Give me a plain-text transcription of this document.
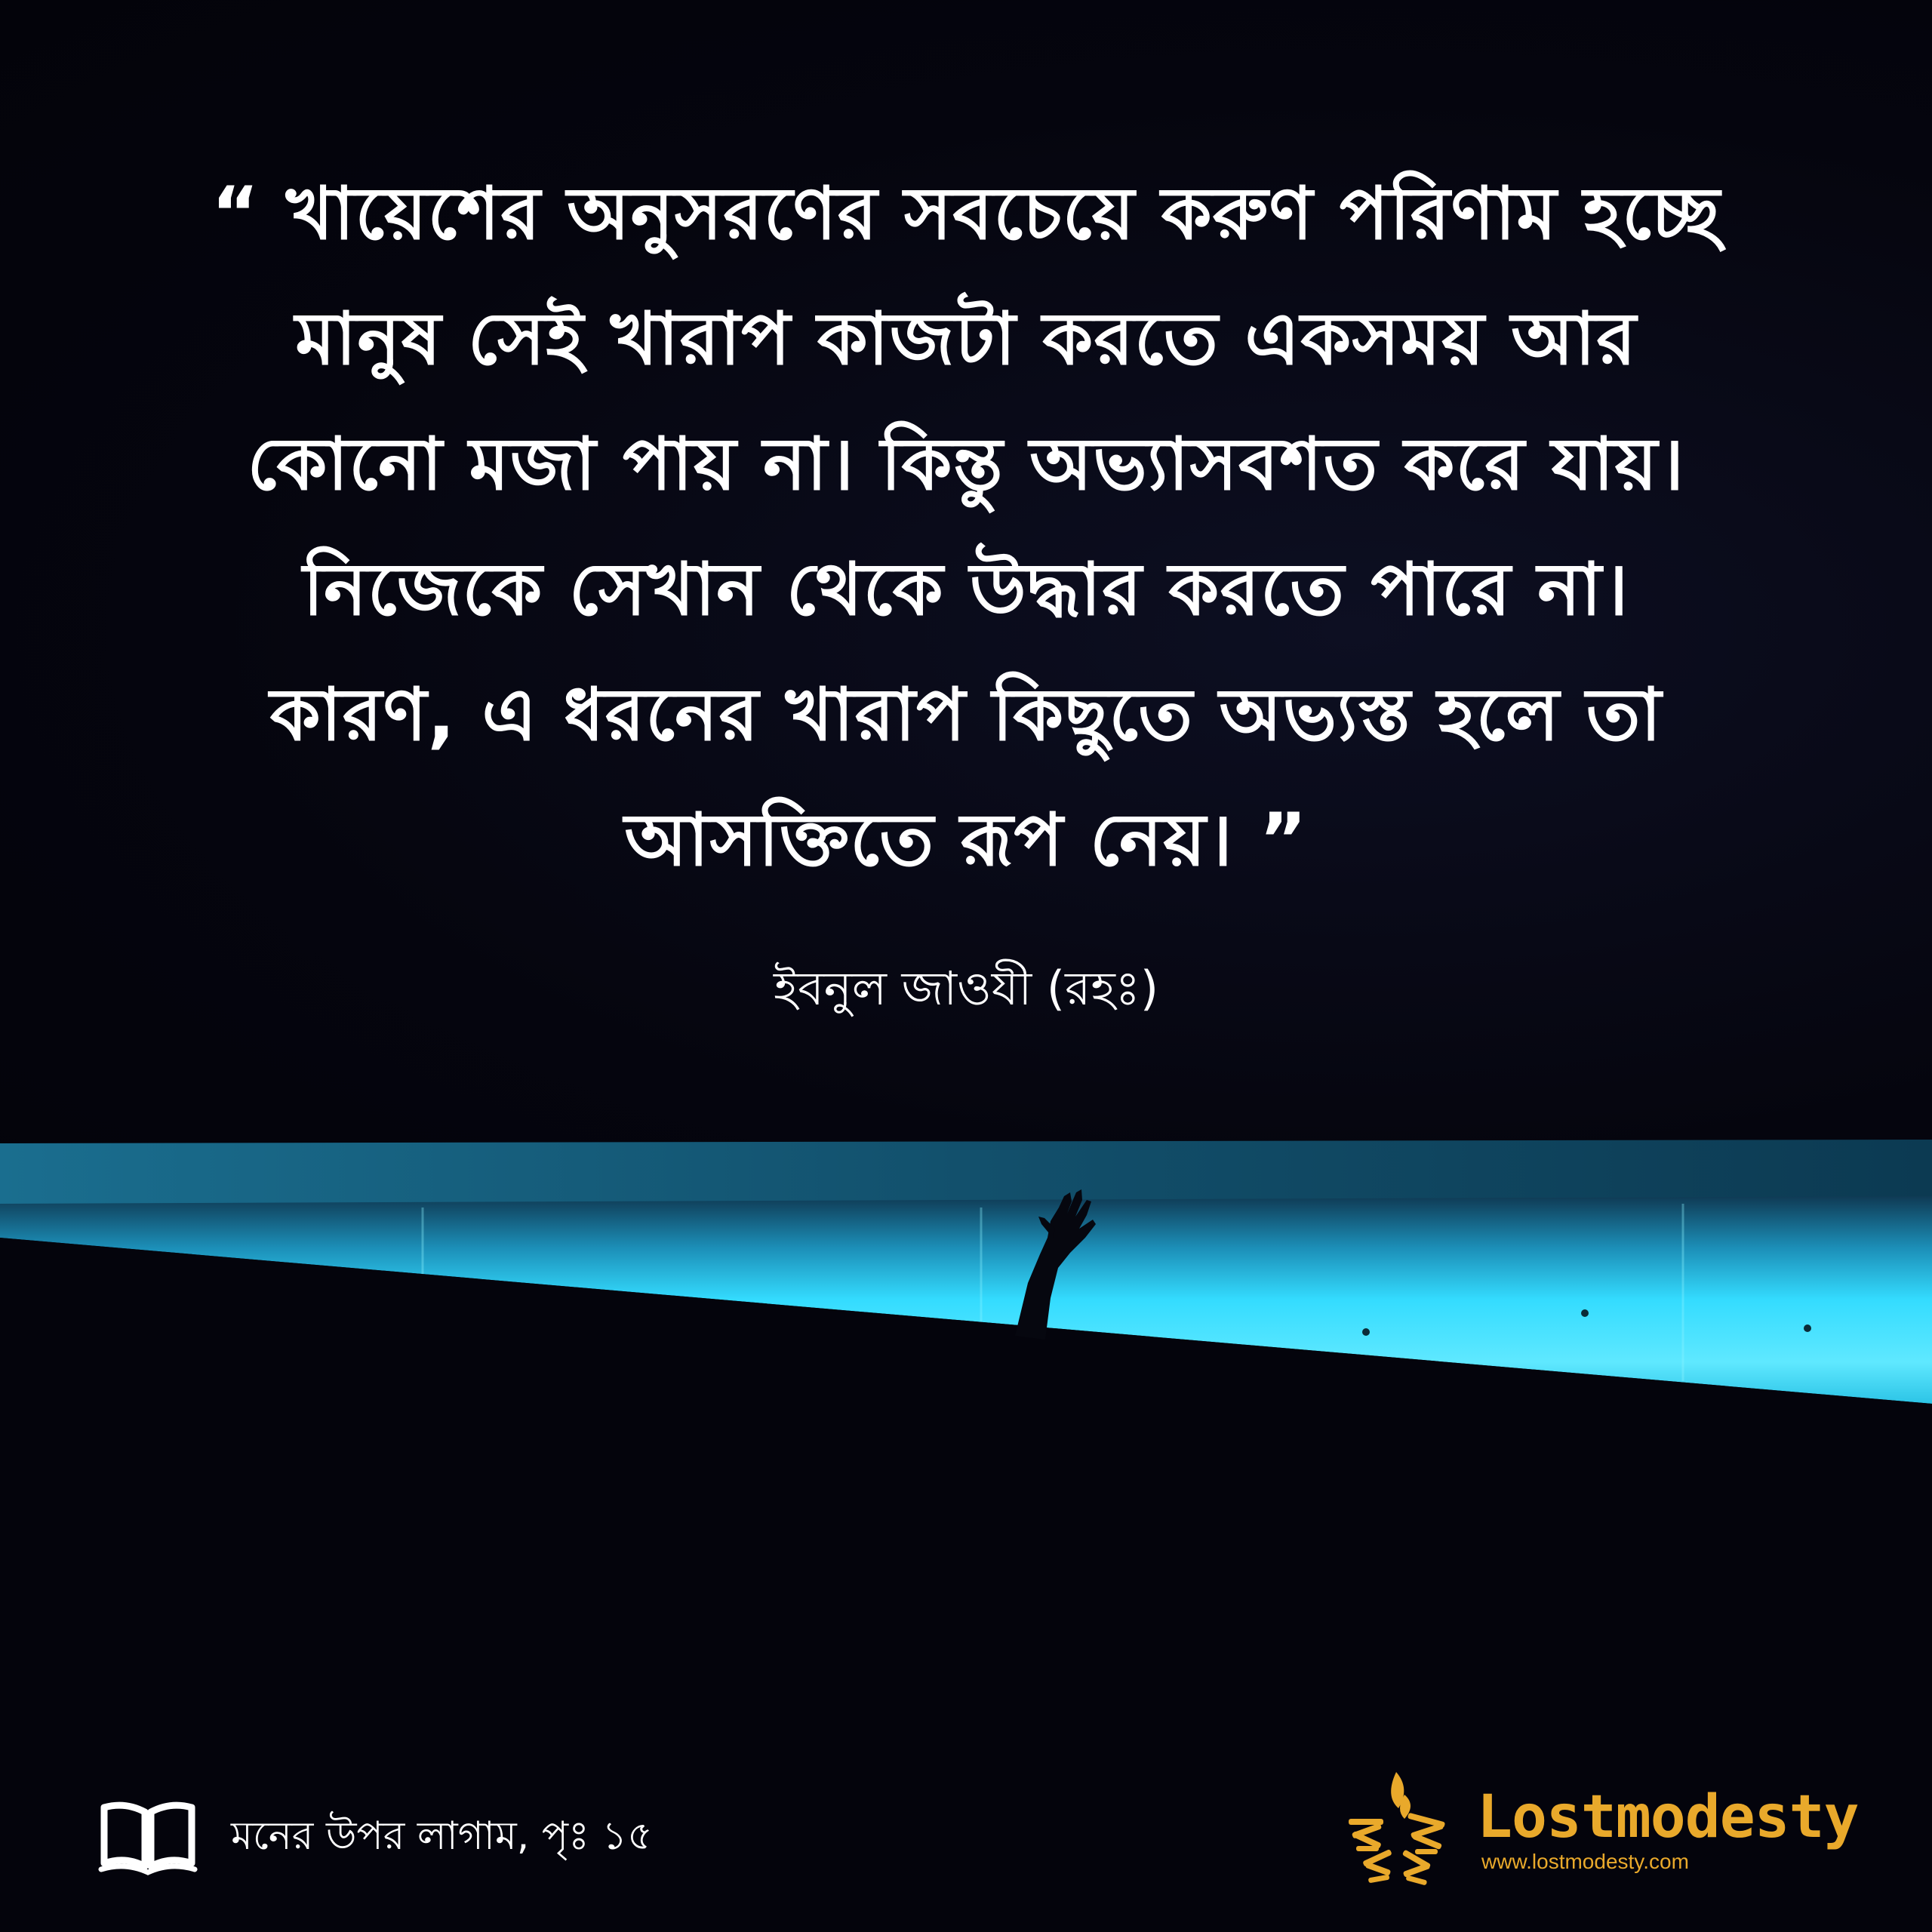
“ খায়েশের অনুসরণের সবচেয়ে করুণ পরিণাম হচ্ছে
মানুষ সেই খারাপ কাজটা করতে একসময় আর
কোনো মজা পায় না। কিন্তু অভ্যাসবশত করে যায়।
নিজেকে সেখান থেকে উদ্ধার করতে পারে না।
কারণ, এ ধরনের খারাপ কিছুতে অভ্যস্ত হলে তা
আসক্তিতে রূপ নেয়। ”
ইবনুল জাওযী (রহঃ)
মনের উপর লাগাম, পৃঃ ১৫	Lostmodesty
www.lostmodesty.com
